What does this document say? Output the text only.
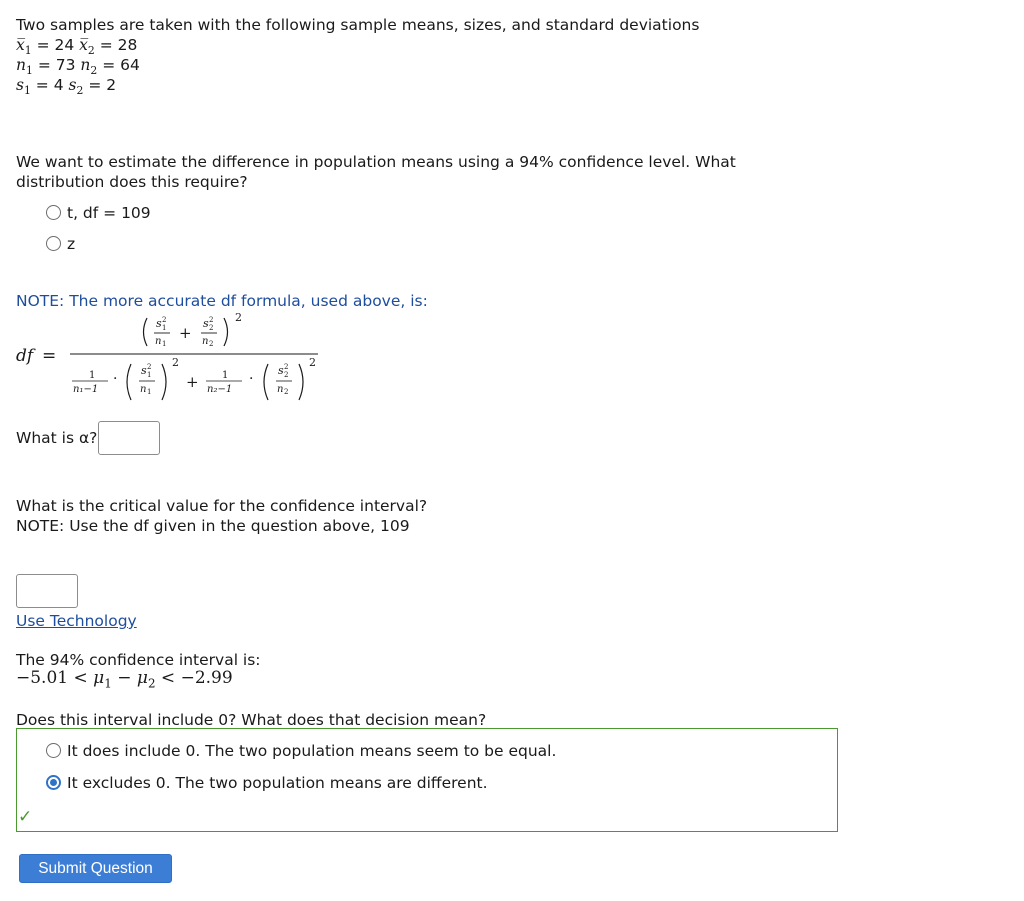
Two samples are taken with the following sample means, sizes, and standard deviations
$x̅_1 = 24$ $x̅_2 = 28$
$n_1 = 73$ $n_2 = 64$
$s_1 = 4$ $s_2 = 2$
We want to estimate the difference in population means using a 94% confidence level. What distribution does this require?
t, df = 109
z
NOTE: The more accurate df formula, used above, is:
df =
s 1
2
n 1
+
s 2
2
n 2
2
1
n₁−1
·
s 1
2
n 1
2
+ 1
n₂−1
·
s 2
2
n 2
2
What is α?
What is the critical value for the confidence interval?
NOTE: Use the df given in the question above, 109
Use Technology
The 94% confidence interval is:
$-5.01 < \mu_1 - \mu_2 < -2.99$
Does this interval include 0? What does that decision mean?
It does include 0. The two population means seem to be equal.
It excludes 0. The two population means are different.
✓
Submit Question
